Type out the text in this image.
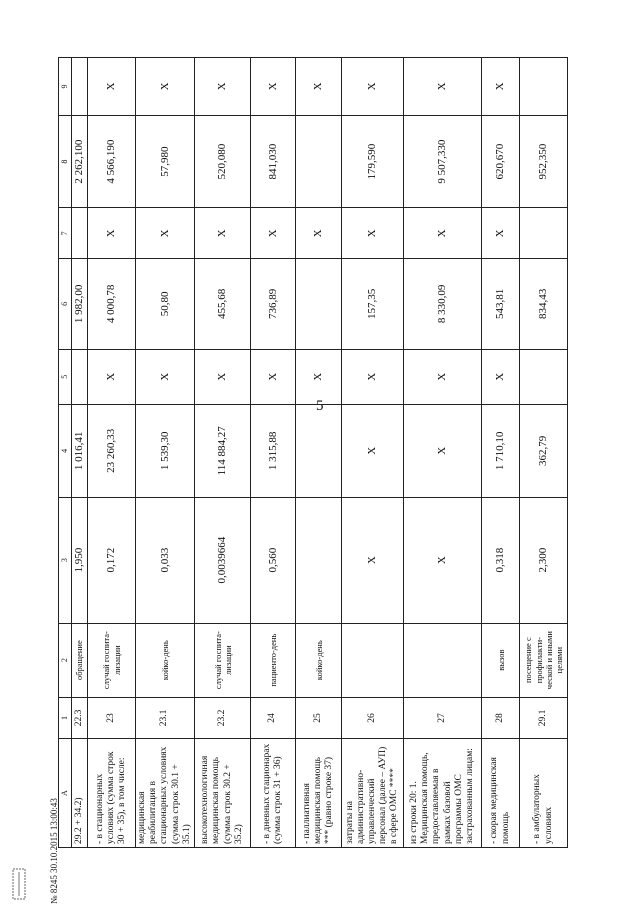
5
А	1	2	3	4	5	6	7	8	9
29.2 + 34.2)	22.3	обращение	1,950	1 016,41		1 982,00		2 262,100	
- в стационарных условиях (сумма строк 30 + 35), в том числе:	23	случай госпита-лизации	0,172	23 260,33	X	4 000,78	X	4 566,190	X
медицинская реабилитация в стационарных условиях (сумма строк 30.1 + 35.1)	23.1	койко-день	0,033	1 539,30	X	50,80	X	57,980	X
высокотехнологичная медицинская помощь (сумма строк 30.2 + 35.2)	23.2	случай госпита-лизации	0,0039664	114 884,27	X	455,68	X	520,080	X
- в дневных стационарах (сумма строк 31 + 36)	24	пациенто-день	0,560	1 315,88	X	736,89	X	841,030	X
- паллиативная медицинская помощь *** (равно строке 37)	25	койко-день			X		X		X
затраты на административно-управленческий персонал (далее – АУП) в сфере ОМС ****	26		X	X	X	157,35	X	179,590	X
из строки 20: 1. Медицинская помощь, предоставляемая в рамках базовой программы ОМС застрахованным лицам:	27		X	X	X	8 330,09	X	9 507,330	X
- скорая медицинская помощь	28	вызов	0,318	1 710,10	X	543,81	X	620,670	X
- в амбулаторных условиях	29.1	посещение с профилакти-ческой и иными целями	2,300	362,79		834,43		952,350	
№ 8245 30.10.2015 13:00:43
